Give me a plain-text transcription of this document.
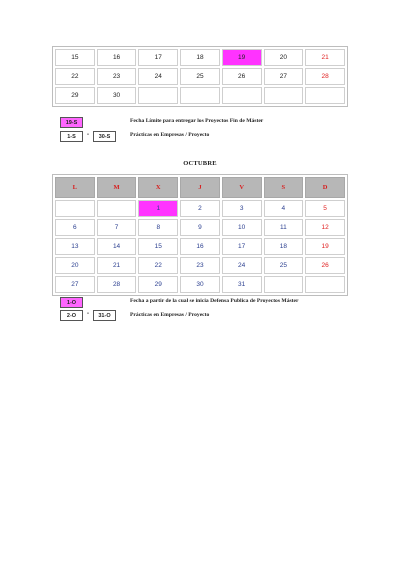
15	16	17	18	19	20	21
22	23	24	25	26	27	28
29	30					
19-S
1-S	-	30-S
Fecha Límite para entregar los Proyectos Fin de Máster
Prácticas en Empresas / Proyecto
OCTUBRE
L	M	X	J	V	S	D
		1	2	3	4	5
6	7	8	9	10	11	12
13	14	15	16	17	18	19
20	21	22	23	24	25	26
27	28	29	30	31		
1-O
2-O	-	31-O
Fecha a partir de la cual se inicia Defensa Publica de Proyectos Máster
Prácticas en Empresas / Proyecto
